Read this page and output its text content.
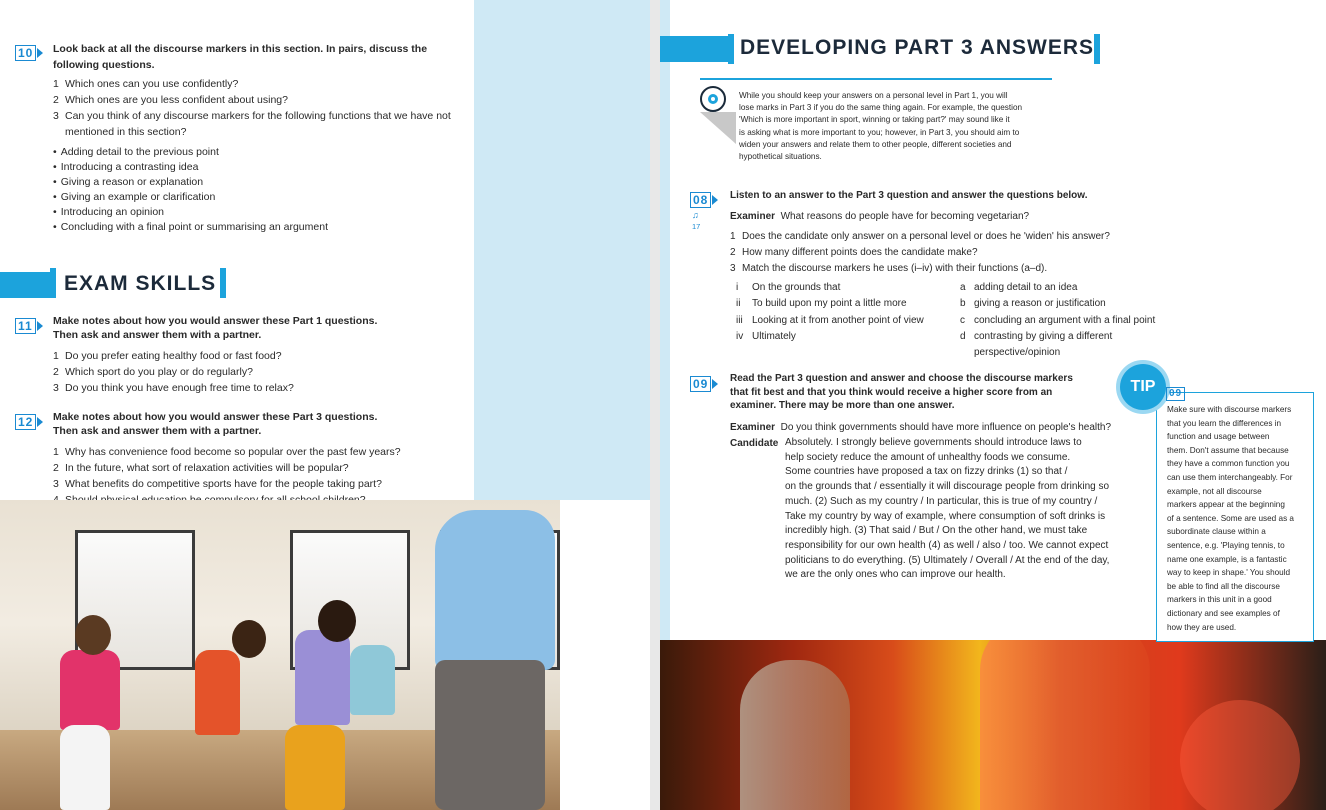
10 Look back at all the discourse markers in this section. In pairs, discuss the following questions.
1 Which ones can you use confidently?
2 Which ones are you less confident about using?
3 Can you think of any discourse markers for the following functions that we have not mentioned in this section?
• Adding detail to the previous point
• Introducing a contrasting idea
• Giving a reason or explanation
• Giving an example or clarification
• Introducing an opinion
• Concluding with a final point or summarising an argument
EXAM SKILLS
11 Make notes about how you would answer these Part 1 questions.
Then ask and answer them with a partner.
1 Do you prefer eating healthy food or fast food?
2 Which sport do you play or do regularly?
3 Do you think you have enough free time to relax?
12 Make notes about how you would answer these Part 3 questions.
Then ask and answer them with a partner.
1 Why has convenience food become so popular over the past few years?
2 In the future, what sort of relaxation activities will be popular?
3 What benefits do competitive sports have for the people taking part?
DEVELOPING PART 3 ANSWERS
While you should keep your answers on a personal level in Part 1, you will
lose marks in Part 3 if you do the same thing again. For example, the question
'Which is more important in sport, winning or taking part?' may sound like it
is asking what is more important to you; however, in Part 3, you should aim to
widen your answers and relate them to other people, different societies and
hypothetical situations.
08
♫
17
Listen to an answer to the Part 3 question and answer the questions below.
Examiner What reasons do people have for becoming vegetarian?
1 Does the candidate only answer on a personal level or does he 'widen' his answer?
2 How many different points does the candidate make?
3 Match the discourse markers he uses (i–iv) with their functions (a–d).
i	On the grounds that
ii	To build upon my point a little more
iii Looking at it from another point of view
iv Ultimately
a adding detail to an idea
b giving a reason or justification
c concluding an argument with a final point
d contrasting by giving a different
perspective/opinion
09	Read the Part 3 question and answer and choose the discourse markers
that fit best and that you think would receive a higher score from an
examiner. There may be more than one answer.
Examiner Do you think governments should have more influence on people's health?
Candidate Absolutely. I strongly believe governments should introduce laws to
help society reduce the amount of unhealthy foods we consume.
Some countries have proposed a tax on fizzy drinks (1) so that /
on the grounds that / essentially it will discourage people from drinking so
much. (2) Such as my country / In particular, this is true of my country /
Take my country by way of example, where consumption of soft drinks is
incredibly high. (3) That said / But / On the other hand, we must take
responsibility for our own health (4) as well / also / too. We cannot expect
politicians to do everything. (5) Ultimately / Overall / At the end of the day,
we are the only ones who can improve our health.
Make sure with discourse markers
that you learn the differences in
function and usage between
them. Don't assume that because
they have a common function you
can use them interchangeably. For
example, not all discourse
markers appear at the beginning
of a sentence. Some are used as a
subordinate clause within a
sentence, e.g. 'Playing tennis, to
name one example, is a fantastic
way to keep in shape.' You should
be able to find all the discourse
markers in this unit in a good
dictionary and see examples of
how they are used.
TIP	09
